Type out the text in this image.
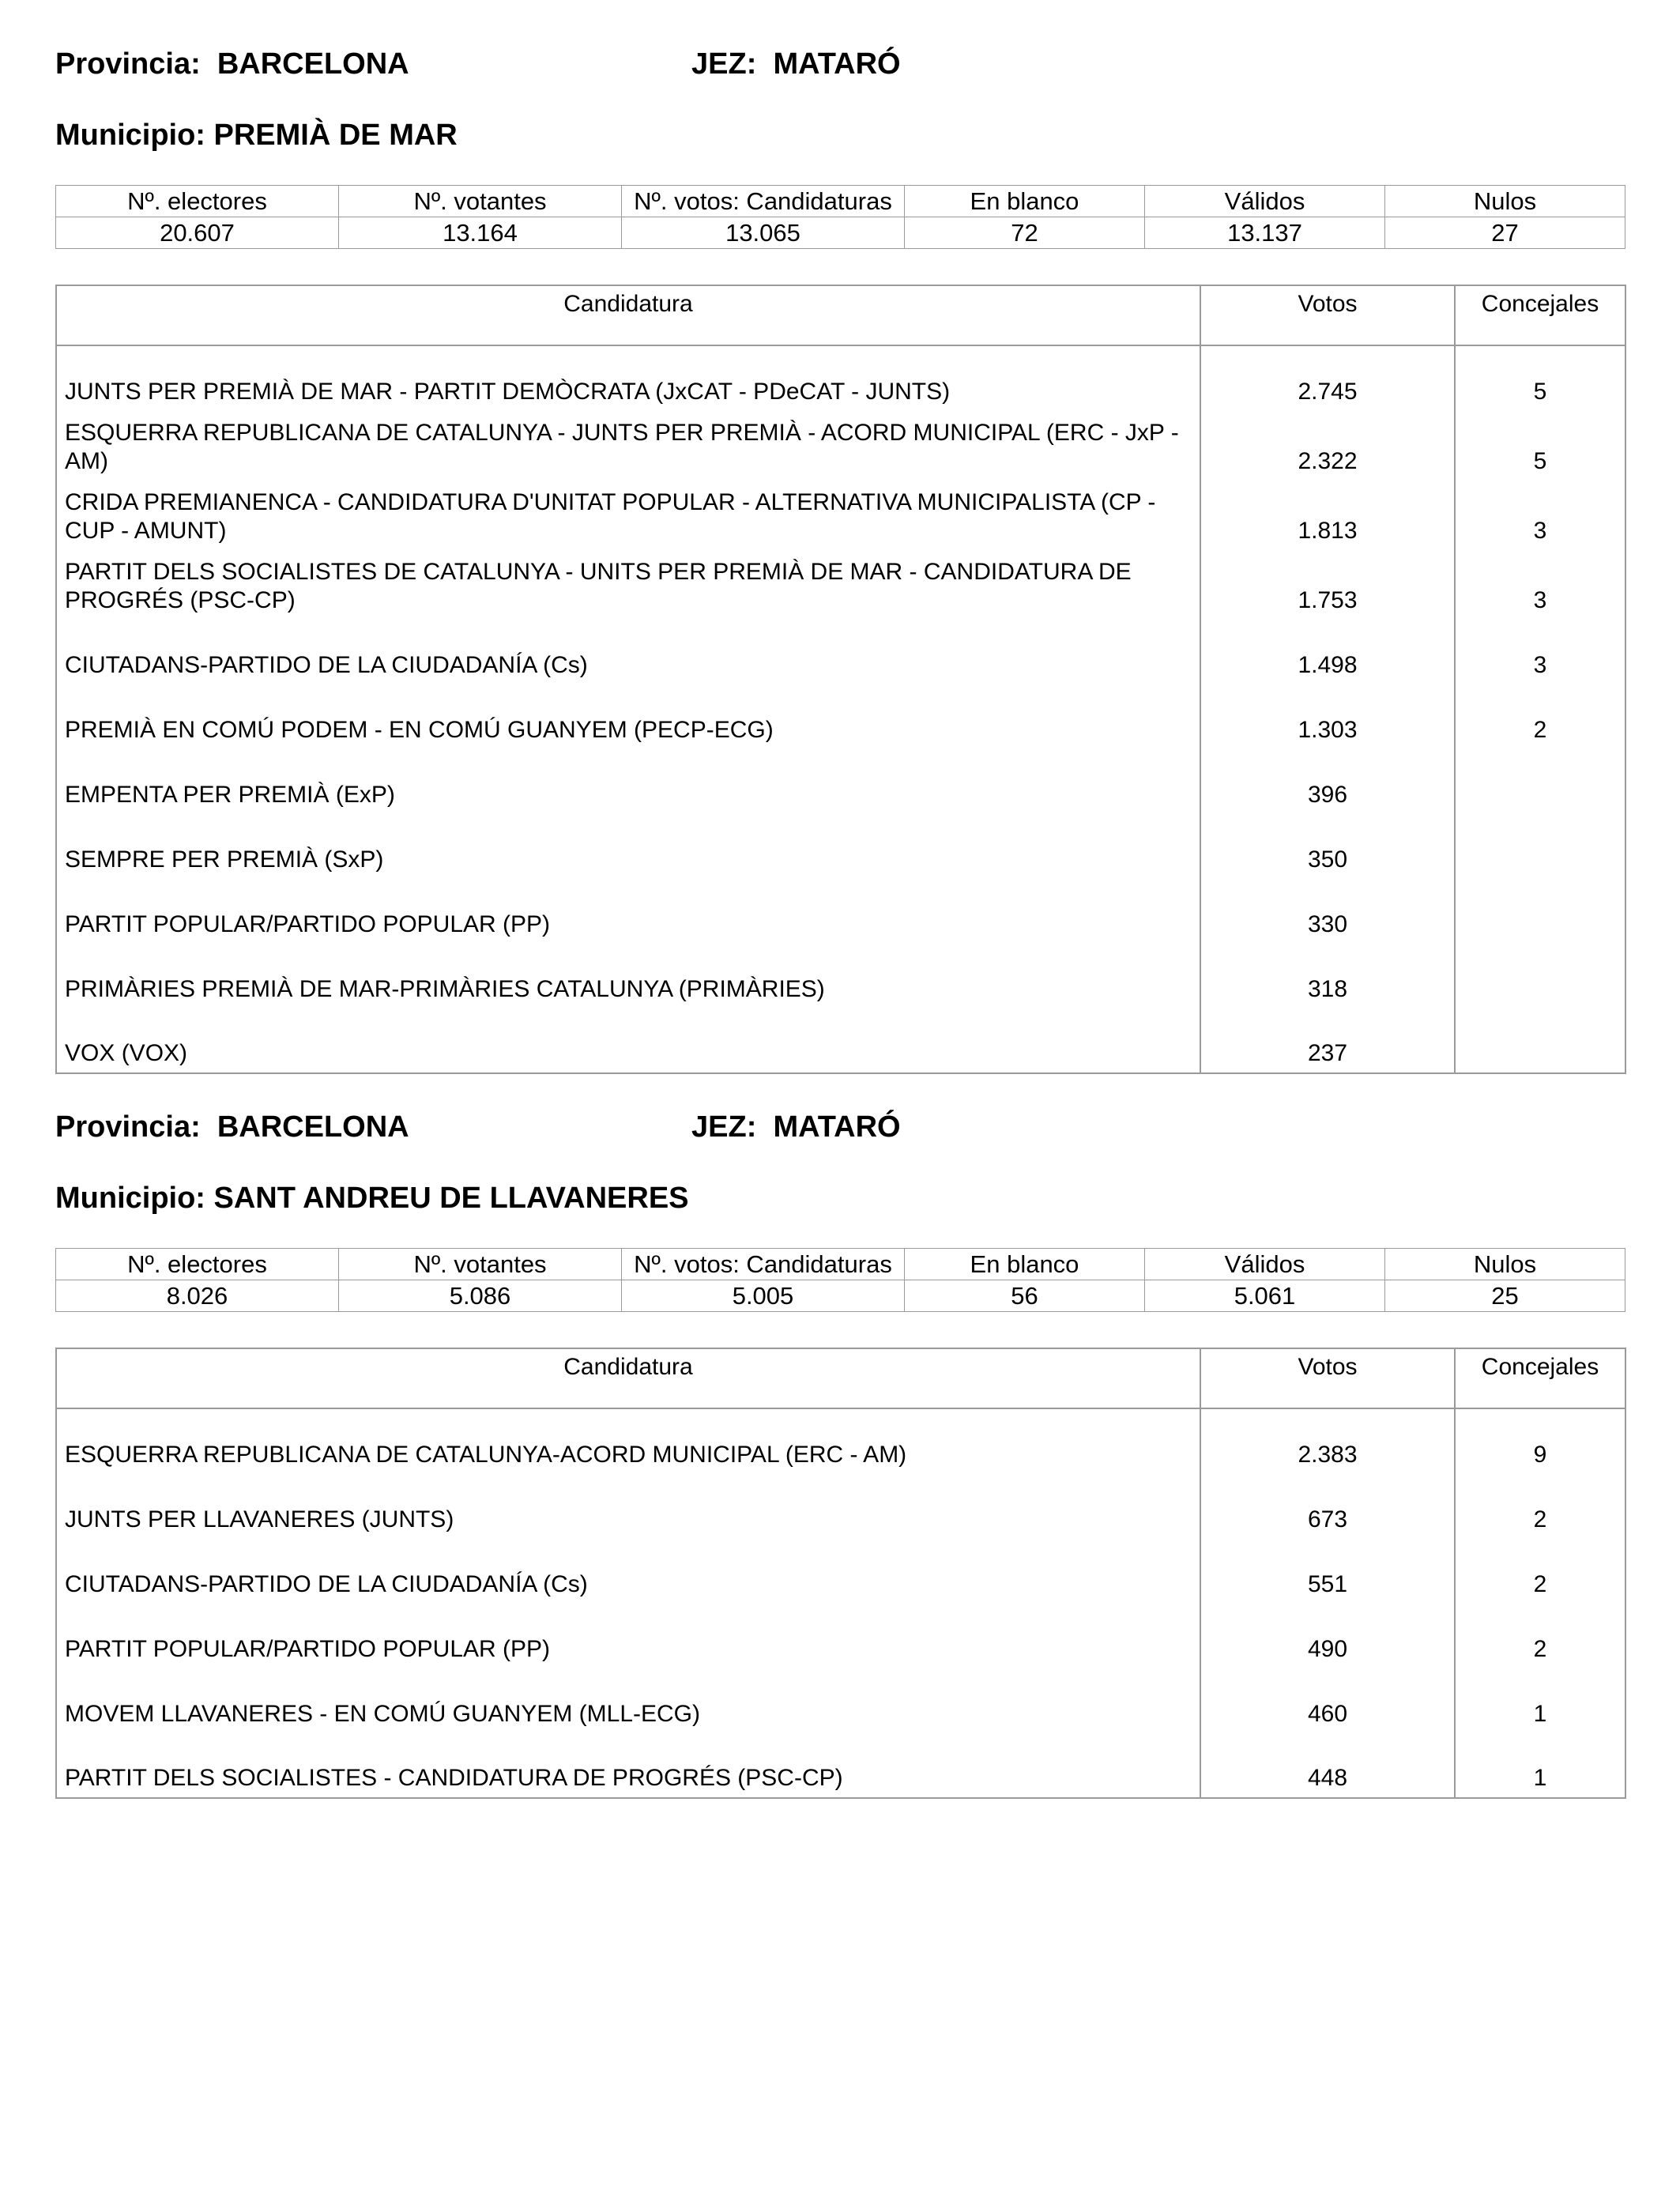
Provincia:  BARCELONA	JEZ:  MATARÓ
Municipio: PREMIÀ DE MAR
Nº. electores	Nº. votantes	Nº. votos: Candidaturas	En blanco	Válidos	Nulos
20.607	13.164	13.065	72	13.137	27
Candidatura	Votos	Concejales

JUNTS PER PREMIÀ DE MAR - PARTIT DEMÒCRATA (JxCAT - PDeCAT - JUNTS)	2.745	5
ESQUERRA REPUBLICANA DE CATALUNYA - JUNTS PER PREMIÀ - ACORD MUNICIPAL (ERC - JxP - AM)	2.322	5
CRIDA PREMIANENCA - CANDIDATURA D'UNITAT POPULAR - ALTERNATIVA MUNICIPALISTA (CP - CUP - AMUNT)	1.813	3
PARTIT DELS SOCIALISTES DE CATALUNYA - UNITS PER PREMIÀ DE MAR - CANDIDATURA DE PROGRÉS (PSC-CP)	1.753	3
CIUTADANS-PARTIDO DE LA CIUDADANÍA (Cs)	1.498	3
PREMIÀ EN COMÚ PODEM - EN COMÚ GUANYEM (PECP-ECG)	1.303	2
EMPENTA PER PREMIÀ (ExP)	396	
SEMPRE PER PREMIÀ (SxP)	350	
PARTIT POPULAR/PARTIDO POPULAR (PP)	330	
PRIMÀRIES PREMIÀ DE MAR-PRIMÀRIES CATALUNYA (PRIMÀRIES)	318	
VOX (VOX)	237	
Provincia:  BARCELONA	JEZ:  MATARÓ
Municipio: SANT ANDREU DE LLAVANERES
Nº. electores	Nº. votantes	Nº. votos: Candidaturas	En blanco	Válidos	Nulos
8.026	5.086	5.005	56	5.061	25
Candidatura	Votos	Concejales

ESQUERRA REPUBLICANA DE CATALUNYA-ACORD MUNICIPAL (ERC - AM)	2.383	9
JUNTS PER LLAVANERES (JUNTS)	673	2
CIUTADANS-PARTIDO DE LA CIUDADANÍA (Cs)	551	2
PARTIT POPULAR/PARTIDO POPULAR (PP)	490	2
MOVEM LLAVANERES - EN COMÚ GUANYEM (MLL-ECG)	460	1
PARTIT DELS SOCIALISTES - CANDIDATURA DE PROGRÉS (PSC-CP)	448	1
